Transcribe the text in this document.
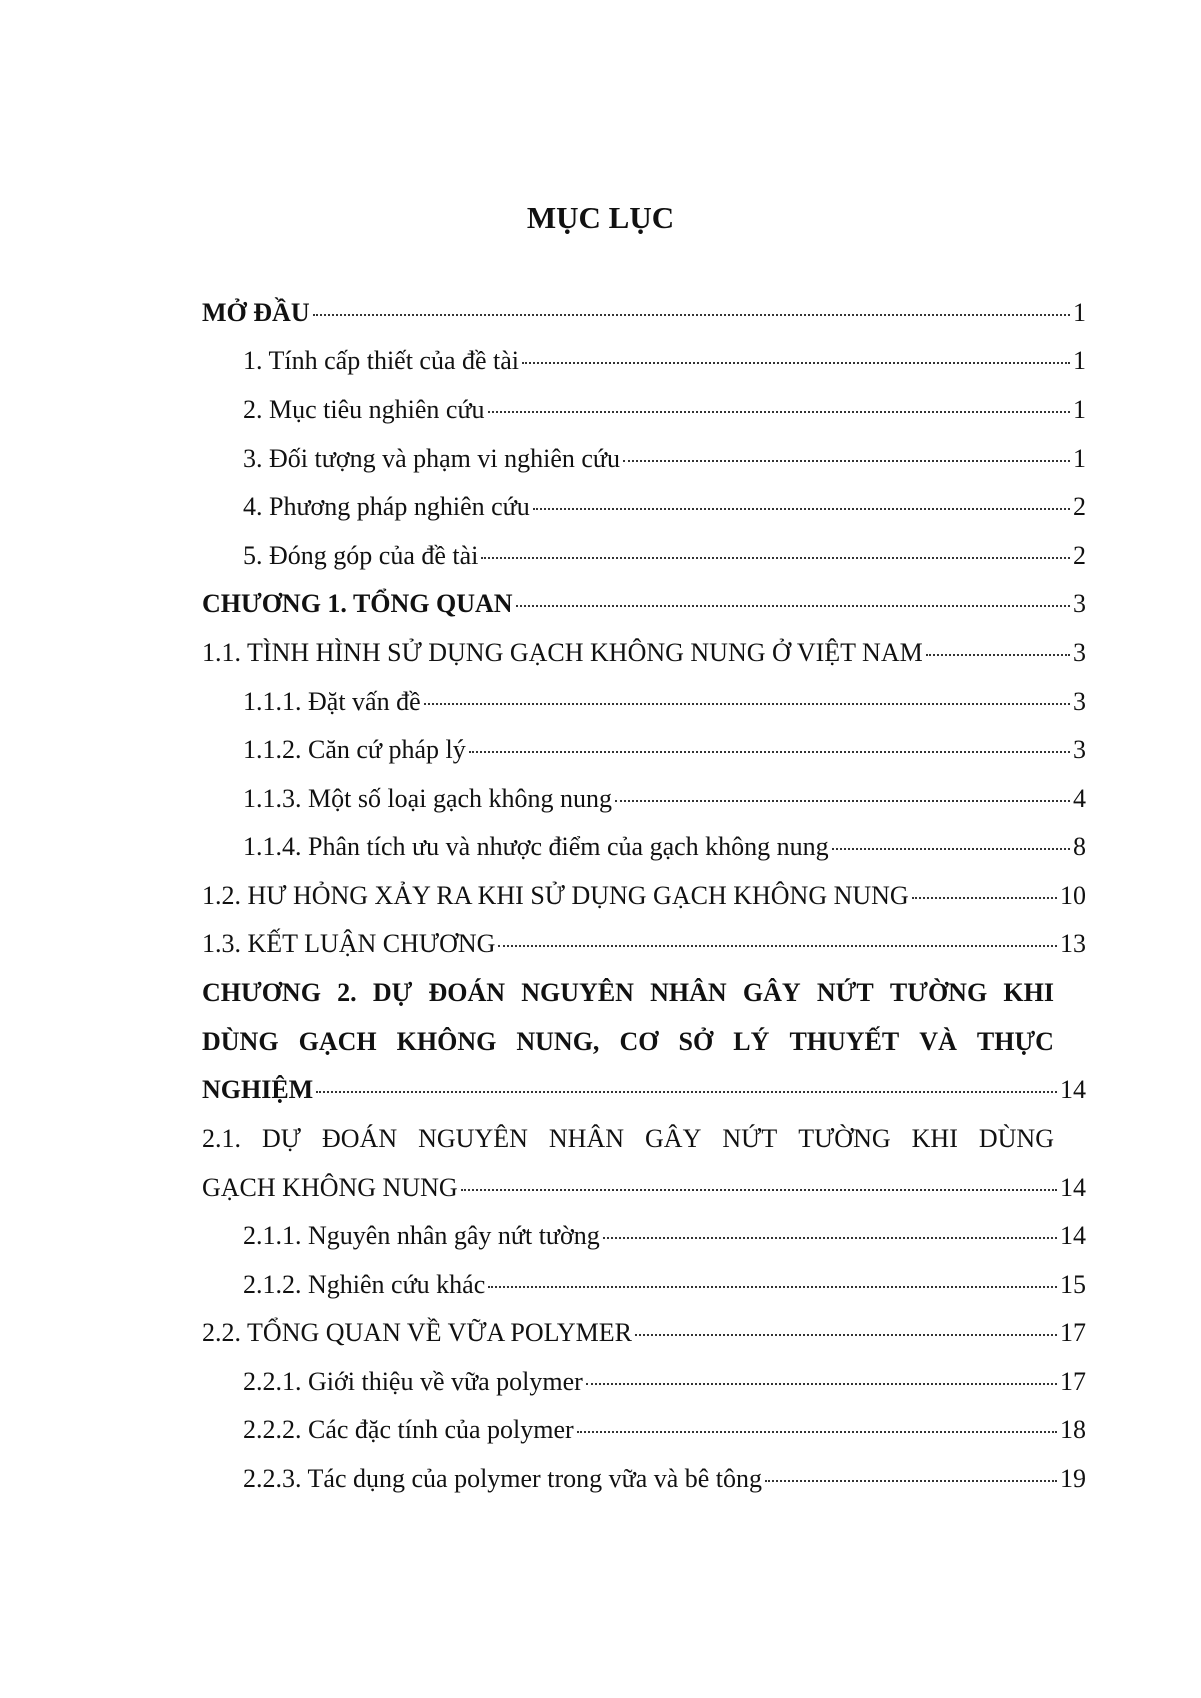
MỤC LỤC
MỞ ĐẦU	1
1. Tính cấp thiết của đề tài	1
2. Mục tiêu nghiên cứu	1
3. Đối tượng và phạm vi nghiên cứu	1
4. Phương pháp nghiên cứu	2
5. Đóng góp của đề tài	2
CHƯƠNG 1. TỔNG QUAN	3
1.1. TÌNH HÌNH SỬ DỤNG GẠCH KHÔNG NUNG Ở VIỆT NAM	3
1.1.1. Đặt vấn đề	3
1.1.2. Căn cứ pháp lý	3
1.1.3. Một số loại gạch không nung	4
1.1.4. Phân tích ưu và nhược điểm của gạch không nung	8
1.2. HƯ HỎNG XẢY RA KHI SỬ DỤNG GẠCH KHÔNG NUNG	10
1.3. KẾT LUẬN CHƯƠNG	13
CHƯƠNG 2. DỰ ĐOÁN NGUYÊN NHÂN GÂY NỨT TƯỜNG KHI
DÙNG GẠCH KHÔNG NUNG, CƠ SỞ LÝ THUYẾT VÀ THỰC
NGHIỆM	14
2.1. DỰ ĐOÁN NGUYÊN NHÂN GÂY NỨT TƯỜNG KHI DÙNG
GẠCH KHÔNG NUNG	14
2.1.1. Nguyên nhân gây nứt tường	14
2.1.2. Nghiên cứu khác	15
2.2. TỔNG QUAN VỀ VỮA POLYMER	17
2.2.1. Giới thiệu về vữa polymer	17
2.2.2. Các đặc tính của polymer	18
2.2.3. Tác dụng của polymer trong vữa và bê tông	19
